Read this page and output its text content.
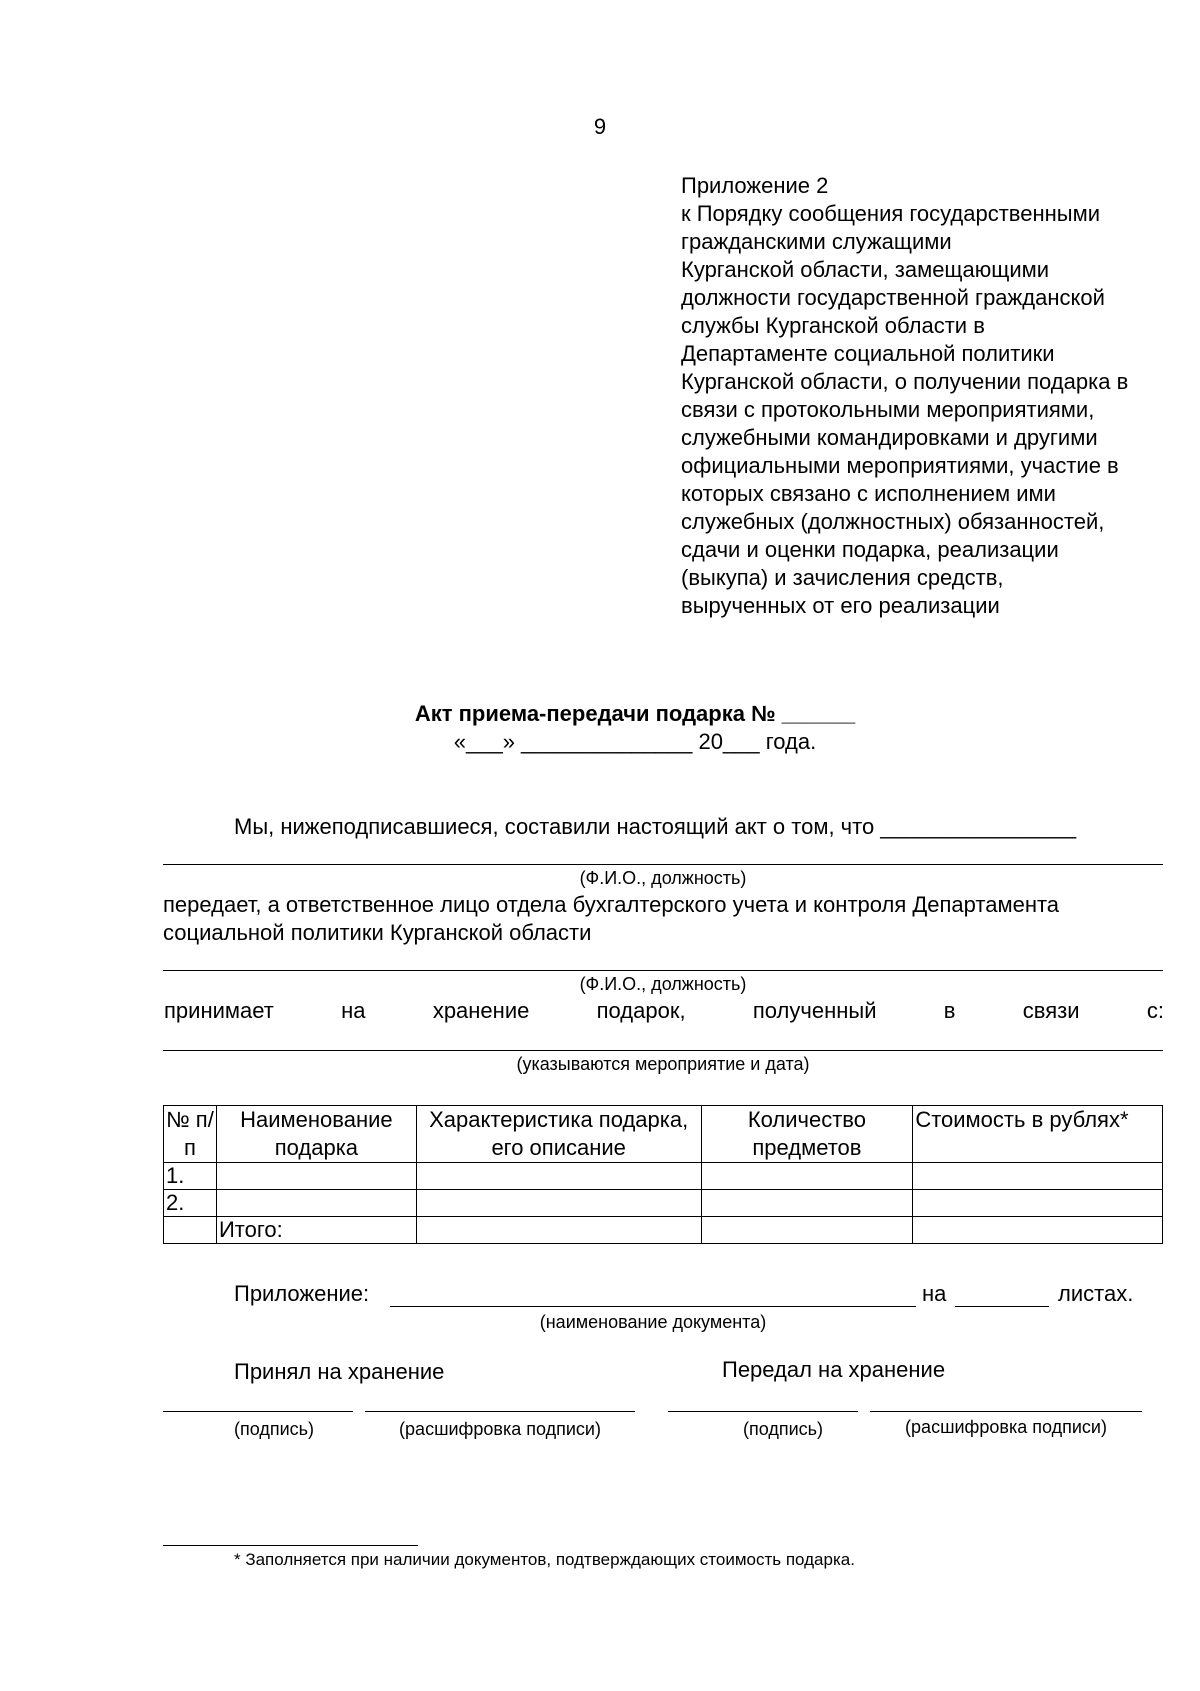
9
Приложение 2
к Порядку сообщения государственными
гражданскими служащими
Курганской области, замещающими
должности государственной гражданской
службы Курганской области в
Департаменте социальной политики
Курганской области, о получении подарка в
связи с протокольными мероприятиями,
служебными командировками и другими
официальными мероприятиями, участие в
которых связано с исполнением ими
служебных (должностных) обязанностей,
сдачи и оценки подарка, реализации
(выкупа) и зачисления средств,
вырученных от его реализации
Акт приема-передачи подарка № ______
«___» ______________ 20___ года.
Мы, нижеподписавшиеся, составили настоящий акт о том, что ________________
(Ф.И.О., должность)
передает, а ответственное лицо отдела бухгалтерского учета и контроля Департамента
социальной политики Курганской области
(Ф.И.О., должность)
принимает	на	хранение	подарок,	полученный	в	связи	с:
(указываются мероприятие и дата)
№ п/п	Наименование подарка	Характеристика подарка, его описание	Количество предметов	Стоимость в рублях*
1.				
2.				
	Итого:			
Приложение:	на	листах.
(наименование документа)
Принял на хранение	Передал на хранение
(подпись)	(расшифровка подписи)	(подпись)	(расшифровка подписи)
* Заполняется при наличии документов, подтверждающих стоимость подарка.
